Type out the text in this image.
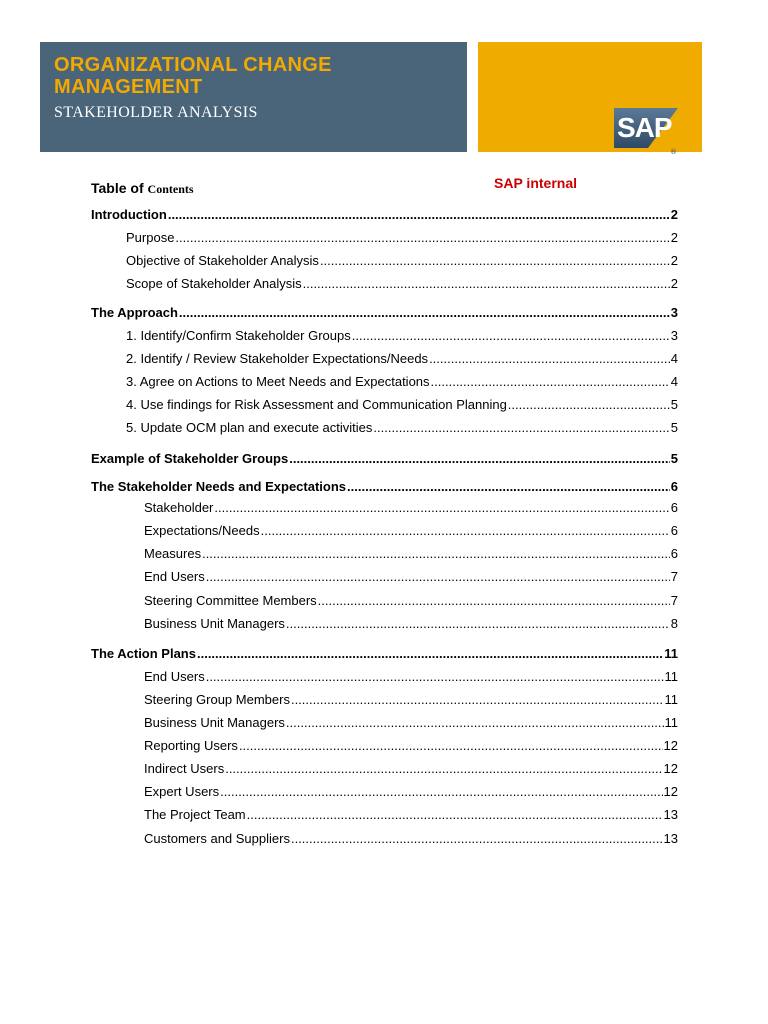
ORGANIZATIONAL CHANGE MANAGEMENT
STAKEHOLDER ANALYSIS	SAP
®
Table of Contents	SAP internal
Introduction .....	2
Purpose .....	2
Objective of Stakeholder Analysis .....	2
Scope of Stakeholder Analysis .....	2
The Approach .....	3
1. Identify/Confirm Stakeholder Groups .....	3
2. Identify / Review Stakeholder Expectations/Needs .....	4
3. Agree on Actions to Meet Needs and Expectations .....	4
4. Use findings for Risk Assessment and Communication Planning .....	5
5. Update OCM plan and execute activities .....	5
Example of Stakeholder Groups .....	5
The Stakeholder Needs and Expectations .....	6
Stakeholder .....	6
Expectations/Needs .....	6
Measures .....	6
End Users .....	7
Steering Committee Members .....	7
Business Unit Managers .....	8
The Action Plans .....	11
End Users .....	11
Steering Group Members .....	11
Business Unit Managers .....	11
Reporting Users .....	12
Indirect Users .....	12
Expert Users .....	12
The Project Team .....	13
Customers and Suppliers .....	13
